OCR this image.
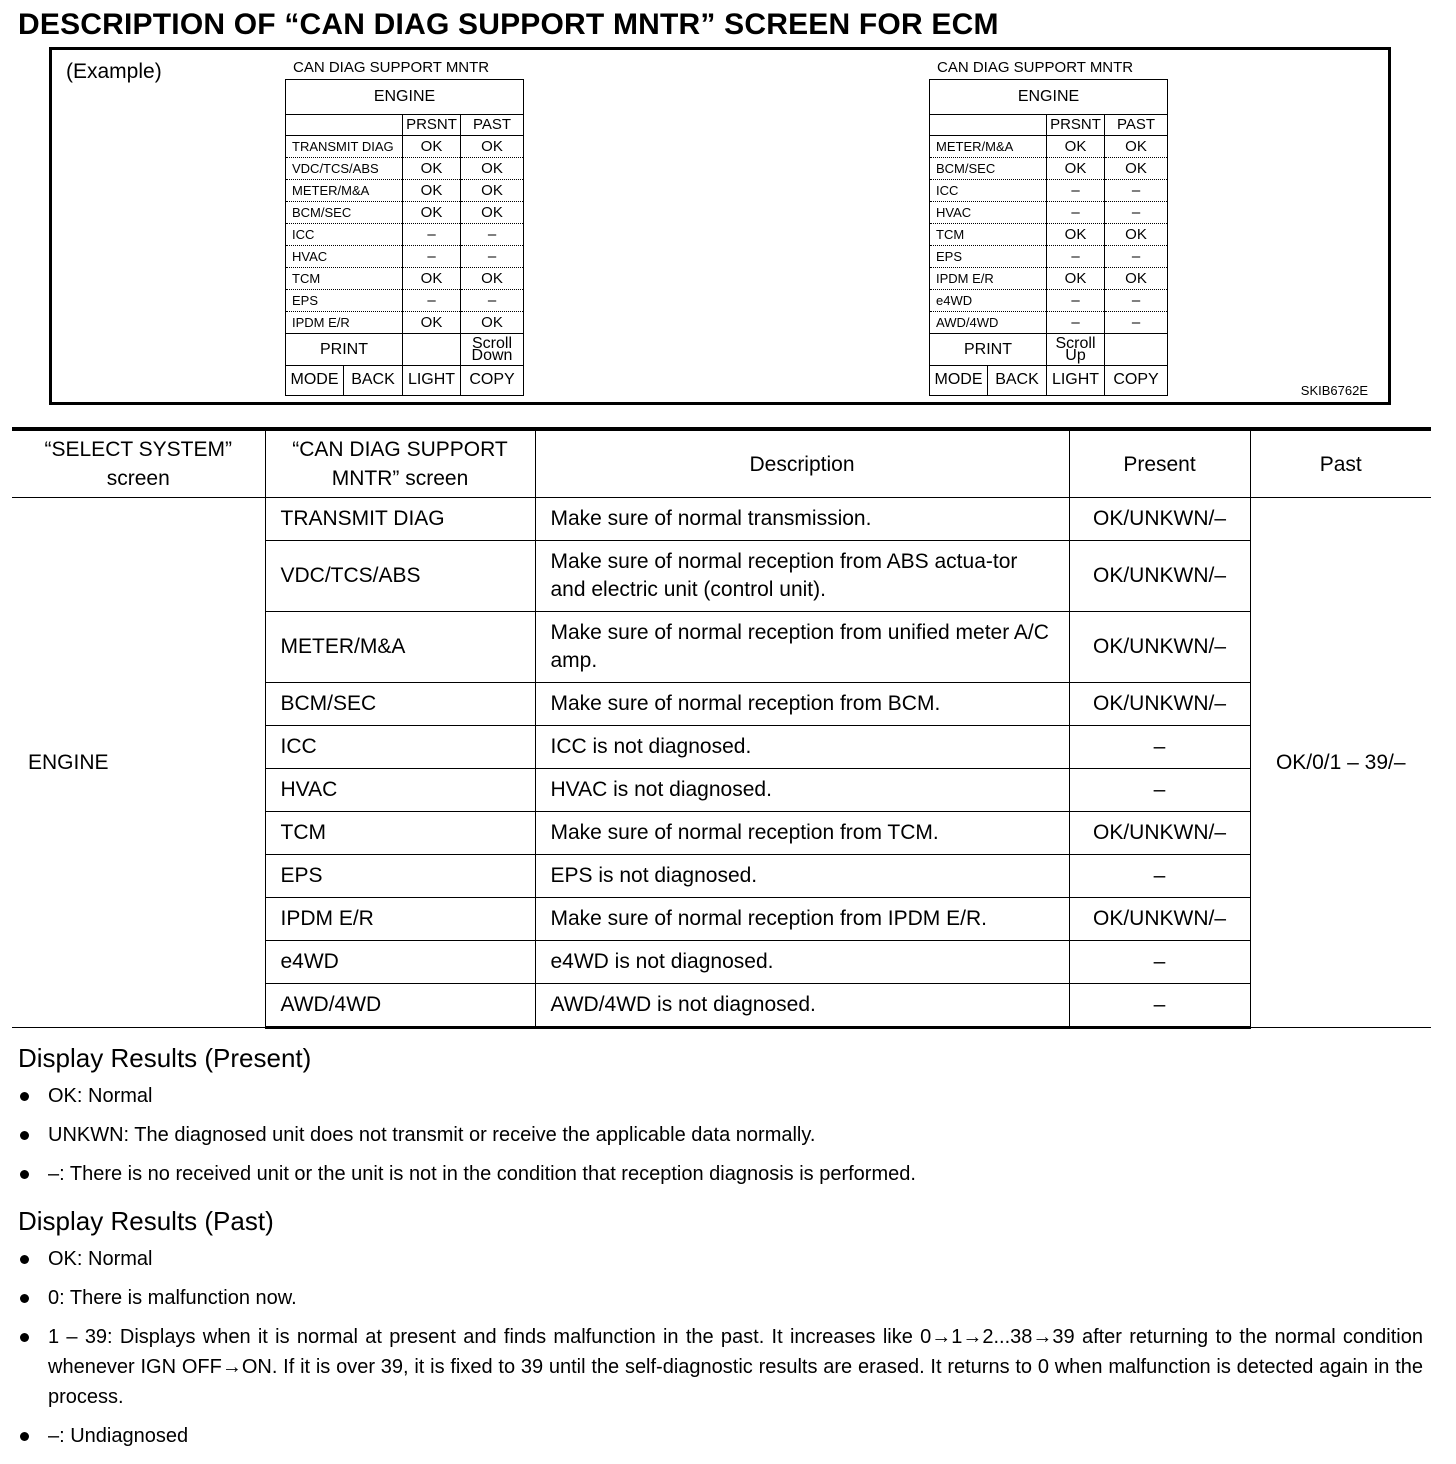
DESCRIPTION OF “CAN DIAG SUPPORT MNTR” SCREEN FOR ECM
(Example)	CAN DIAG SUPPORT MNTR
ENGINE		
	PRSNT	PAST
TRANSMIT DIAG	OK	OK
VDC/TCS/ABS	OK	OK
METER/M&A	OK	OK
BCM/SEC	OK	OK
ICC	–	–
HVAC	–	–
TCM	OK	OK
EPS	–	–
IPDM E/R	OK	OK
PRINT		Scroll Down
MODE	BACK	LIGHT	COPY
CAN DIAG SUPPORT MNTR
ENGINE		
	PRSNT	PAST
METER/M&A	OK	OK
BCM/SEC	OK	OK
ICC	–	–
HVAC	–	–
TCM	OK	OK
EPS	–	–
IPDM E/R	OK	OK
e4WD	–	–
AWD/4WD	–	–
PRINT	Scroll Up	
MODE	BACK	LIGHT	COPY
SKIB6762E
“SELECT SYSTEM” screen	“CAN DIAG SUPPORT MNTR” screen	Description	Present	Past
ENGINE	TRANSMIT DIAG	Make sure of normal transmission.	OK/UNKWN/–	OK/0/1 – 39/–
	VDC/TCS/ABS	Make sure of normal reception from ABS actua-tor and electric unit (control unit).	OK/UNKWN/–	
	METER/M&A	Make sure of normal reception from unified meter A/C amp.	OK/UNKWN/–	
	BCM/SEC	Make sure of normal reception from BCM.	OK/UNKWN/–	
	ICC	ICC is not diagnosed.	–	
	HVAC	HVAC is not diagnosed.	–	
	TCM	Make sure of normal reception from TCM.	OK/UNKWN/–	
	EPS	EPS is not diagnosed.	–	
	IPDM E/R	Make sure of normal reception from IPDM E/R.	OK/UNKWN/–	
	e4WD	e4WD is not diagnosed.	–	
	AWD/4WD	AWD/4WD is not diagnosed.	–	
Display Results (Present)
OK: Normal
UNKWN: The diagnosed unit does not transmit or receive the applicable data normally.
–: There is no received unit or the unit is not in the condition that reception diagnosis is performed.
Display Results (Past)
OK: Normal
0: There is malfunction now.
1 – 39: Displays when it is normal at present and finds malfunction in the past. It increases like 0→1→2...38→39 after returning to the normal condition whenever IGN OFF→ON. If it is over 39, it is fixed to 39 until the self-diagnostic results are erased. It returns to 0 when malfunction is detected again in the process.
–: Undiagnosed
